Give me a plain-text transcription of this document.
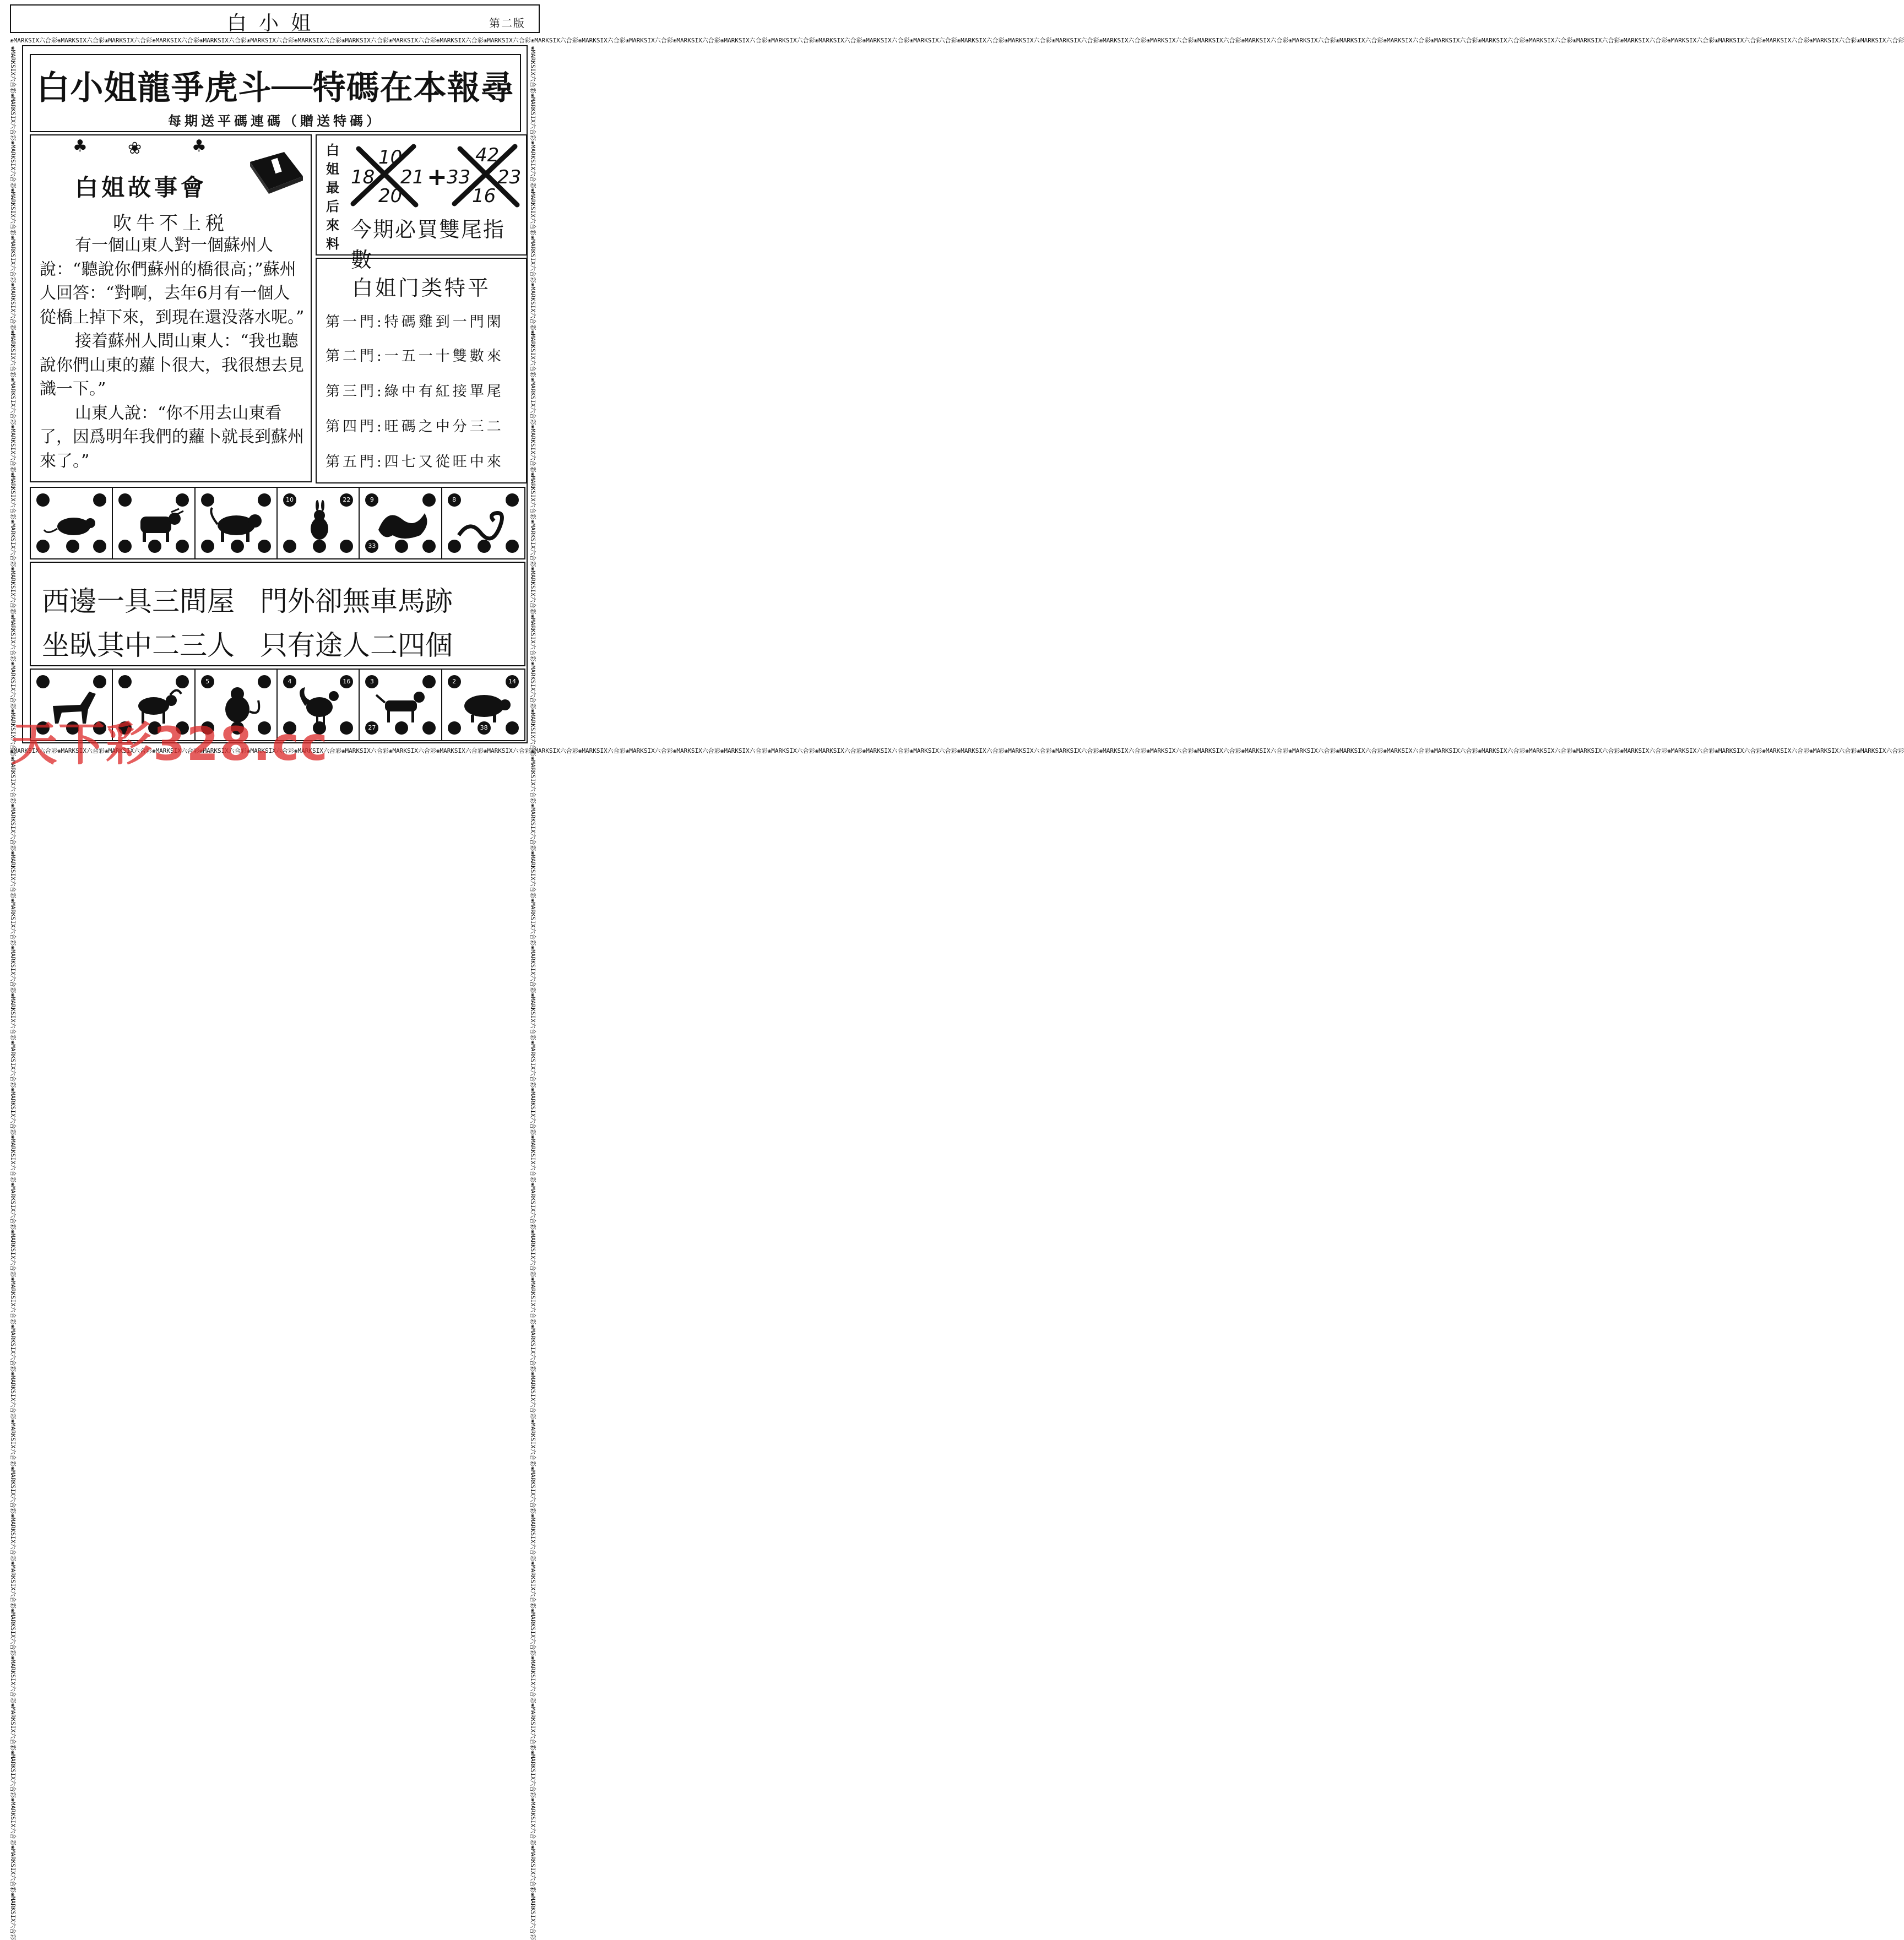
白小姐	第二版
❀MARKSIX六合彩❀MARKSIX六合彩❀MARKSIX六合彩❀MARKSIX六合彩❀MARKSIX六合彩❀MARKSIX六合彩❀MARKSIX六合彩❀MARKSIX六合彩❀MARKSIX六合彩❀MARKSIX六合彩❀MARKSIX六合彩❀MARKSIX六合彩❀MARKSIX六合彩❀MARKSIX六合彩❀MARKSIX六合彩❀MARKSIX六合彩❀MARKSIX六合彩❀MARKSIX六合彩❀MARKSIX六合彩❀MARKSIX六合彩❀MARKSIX六合彩❀MARKSIX六合彩❀MARKSIX六合彩❀MARKSIX六合彩❀MARKSIX六合彩❀MARKSIX六合彩❀MARKSIX六合彩❀MARKSIX六合彩❀MARKSIX六合彩❀MARKSIX六合彩❀MARKSIX六合彩❀MARKSIX六合彩❀MARKSIX六合彩❀MARKSIX六合彩❀MARKSIX六合彩❀MARKSIX六合彩❀MARKSIX六合彩❀MARKSIX六合彩❀MARKSIX六合彩❀MARKSIX六合彩
❀MARKSIX六合彩❀MARKSIX六合彩❀MARKSIX六合彩❀MARKSIX六合彩❀MARKSIX六合彩❀MARKSIX六合彩❀MARKSIX六合彩❀MARKSIX六合彩❀MARKSIX六合彩❀MARKSIX六合彩❀MARKSIX六合彩❀MARKSIX六合彩❀MARKSIX六合彩❀MARKSIX六合彩❀MARKSIX六合彩❀MARKSIX六合彩❀MARKSIX六合彩❀MARKSIX六合彩❀MARKSIX六合彩❀MARKSIX六合彩❀MARKSIX六合彩❀MARKSIX六合彩❀MARKSIX六合彩❀MARKSIX六合彩❀MARKSIX六合彩❀MARKSIX六合彩❀MARKSIX六合彩❀MARKSIX六合彩❀MARKSIX六合彩❀MARKSIX六合彩❀MARKSIX六合彩❀MARKSIX六合彩❀MARKSIX六合彩❀MARKSIX六合彩❀MARKSIX六合彩❀MARKSIX六合彩❀MARKSIX六合彩❀MARKSIX六合彩❀MARKSIX六合彩❀MARKSIX六合彩
❀MARKSIX六合彩❀MARKSIX六合彩❀MARKSIX六合彩❀MARKSIX六合彩❀MARKSIX六合彩❀MARKSIX六合彩❀MARKSIX六合彩❀MARKSIX六合彩❀MARKSIX六合彩❀MARKSIX六合彩❀MARKSIX六合彩❀MARKSIX六合彩❀MARKSIX六合彩❀MARKSIX六合彩❀MARKSIX六合彩❀MARKSIX六合彩❀MARKSIX六合彩❀MARKSIX六合彩❀MARKSIX六合彩❀MARKSIX六合彩❀MARKSIX六合彩❀MARKSIX六合彩❀MARKSIX六合彩❀MARKSIX六合彩❀MARKSIX六合彩❀MARKSIX六合彩❀MARKSIX六合彩❀MARKSIX六合彩❀MARKSIX六合彩❀MARKSIX六合彩❀MARKSIX六合彩❀MARKSIX六合彩❀MARKSIX六合彩❀MARKSIX六合彩❀MARKSIX六合彩❀MARKSIX六合彩❀MARKSIX六合彩❀MARKSIX六合彩❀MARKSIX六合彩❀MARKSIX六合彩	❀MARKSIX六合彩❀MARKSIX六合彩❀MARKSIX六合彩❀MARKSIX六合彩❀MARKSIX六合彩❀MARKSIX六合彩❀MARKSIX六合彩❀MARKSIX六合彩❀MARKSIX六合彩❀MARKSIX六合彩❀MARKSIX六合彩❀MARKSIX六合彩❀MARKSIX六合彩❀MARKSIX六合彩❀MARKSIX六合彩❀MARKSIX六合彩❀MARKSIX六合彩❀MARKSIX六合彩❀MARKSIX六合彩❀MARKSIX六合彩❀MARKSIX六合彩❀MARKSIX六合彩❀MARKSIX六合彩❀MARKSIX六合彩❀MARKSIX六合彩❀MARKSIX六合彩❀MARKSIX六合彩❀MARKSIX六合彩❀MARKSIX六合彩❀MARKSIX六合彩❀MARKSIX六合彩❀MARKSIX六合彩❀MARKSIX六合彩❀MARKSIX六合彩❀MARKSIX六合彩❀MARKSIX六合彩❀MARKSIX六合彩❀MARKSIX六合彩❀MARKSIX六合彩❀MARKSIX六合彩
白小姐龍爭虎斗──特碼在本報尋
每期送平碼連碼（贈送特碼）
♣ ❀	♣
白姐故事會
吹牛不上税

有一個山東人對一個蘇州人說：“聽說你們蘇州的橋很高；”蘇州人回答：“對啊，去年6月有一個人從橋上掉下來，到現在還没落水呢。”

接着蘇州人問山東人：“我也聽說你們山東的蘿卜很大，我很想去見識一下。”

山東人說：“你不用去山東看了，因爲明年我們的蘿卜就長到蘇州來了。”

白姐最后來料
18
10
21
20
+ 33
42
23
16
今期必買雙尾指數
白姐门类特平
第一門:特碼雞到一門閑
第二門:一五一十雙數來
第三門:綠中有紅接單尾
第四門:旺碼之中分三二
第五門:四七又從旺中來
10	22	9
33
8
西邊一具三間屋 門外卻無車馬跡
坐臥其中二三人 只有途人二四個
5	4	16	3
27
2	14
38
天下彩328.cc
